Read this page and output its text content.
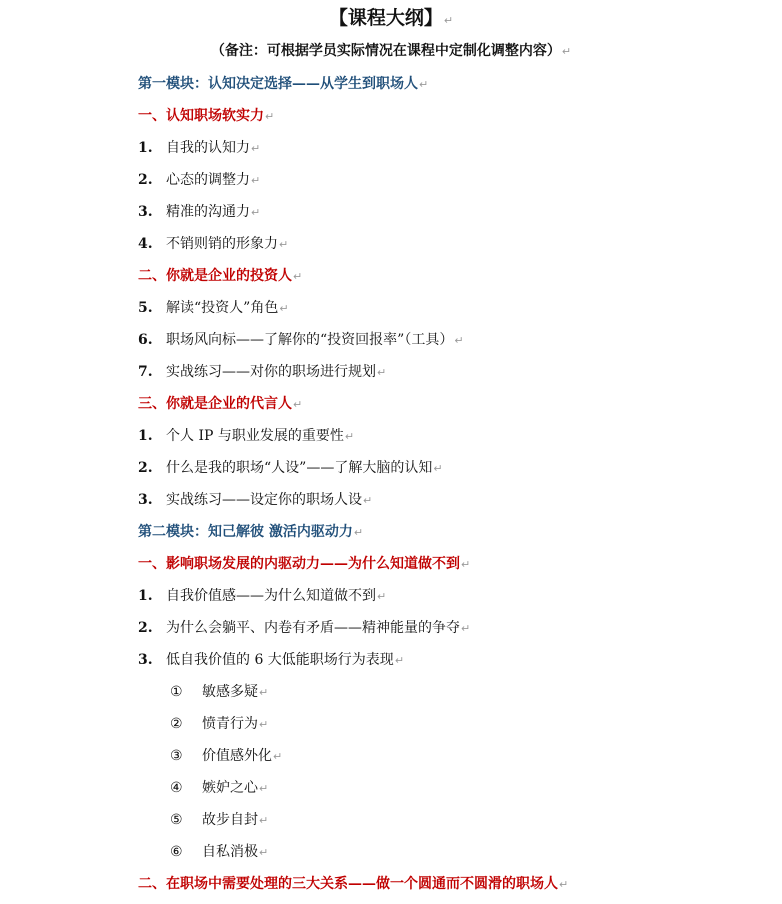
【课程大纲】↵
（备注：可根据学员实际情况在课程中定制化调整内容）↵
第一模块：认知决定选择——从学生到职场人↵
一、认知职场软实力↵
1. 自我的认知力↵
2. 心态的调整力↵
3. 精准的沟通力↵
4. 不销则销的形象力↵
二、你就是企业的投资人↵
5. 解读“投资人”角色↵
6. 职场风向标——了解你的“投资回报率”（工具）↵
7. 实战练习——对你的职场进行规划↵
三、你就是企业的代言人↵
1. 个人 IP 与职业发展的重要性↵
2. 什么是我的职场“人设”——了解大脑的认知↵
3. 实战练习——设定你的职场人设↵
第二模块：知己解彼 激活内驱动力↵
一、影响职场发展的内驱动力——为什么知道做不到↵
1. 自我价值感——为什么知道做不到↵
2. 为什么会躺平、内卷有矛盾——精神能量的争夺↵
3. 低自我价值的 6 大低能职场行为表现↵
① 敏感多疑↵
② 愤青行为↵
③ 价值感外化↵
④ 嫉妒之心↵
⑤ 故步自封↵
⑥ 自私消极↵
二、在职场中需要处理的三大关系——做一个圆通而不圆滑的职场人↵
